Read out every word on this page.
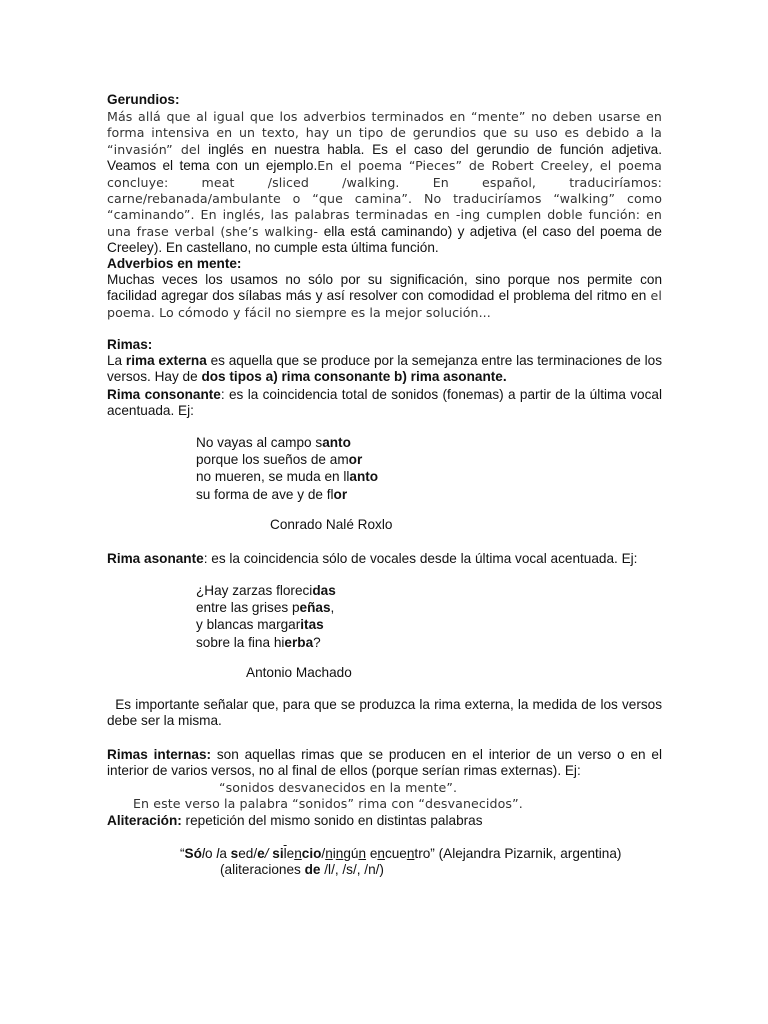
Gerundios:

Más allá que al igual que los adverbios terminados en “mente” no deben usarse en forma intensiva en un texto, hay un tipo de gerundios que su uso es debido a la “invasión” del inglés en nuestra habla. Es el caso del gerundio de función adjetiva. Veamos el tema con un ejemplo.En el poema “Pieces” de Robert Creeley, el poema concluye: meat /sliced /walking. En español, traduciríamos: carne/rebanada/ambulante o “que camina”. No traduciríamos “walking” como “caminando”. En inglés, las palabras terminadas en -ing cumplen doble función: en una frase verbal (she’s walking- ella está caminando) y adjetiva (el caso del poema de Creeley). En castellano, no cumple esta última función.

Adverbios en mente:

Muchas veces los usamos no sólo por su significación, sino porque nos permite con facilidad agregar dos sílabas más y así resolver con comodidad el problema del ritmo en el poema. Lo cómodo y fácil no siempre es la mejor solución...

Rimas:

La rima externa es aquella que se produce por la semejanza entre las terminaciones de los versos. Hay de dos tipos a) rima consonante b) rima asonante.

Rima consonante: es la coincidencia total de sonidos (fonemas) a partir de la última vocal acentuada. Ej:

No vayas al campo santo
porque los sueños de amor
no mueren, se muda en llanto
su forma de ave y de flor

Conrado Nalé Roxlo

Rima asonante: es la coincidencia sólo de vocales desde la última vocal acentuada. Ej:

¿Hay zarzas florecidas
entre las grises peñas,
y blancas margaritas
sobre la fina hierba?

Antonio Machado

Es importante señalar que, para que se produzca la rima externa, la medida de los versos debe ser la misma.

Rimas internas: son aquellas rimas que se producen en el interior de un verso o en el interior de varios versos, no al final de ellos (porque serían rimas externas). Ej:

“sonidos desvanecidos en la mente”.

En este verso la palabra “sonidos” rima con “desvanecidos”.

Aliteración: repetición del mismo sonido en distintas palabras

“Sólo la sed/e/ $si\overline{l}encio$/ningún encuentro” (Alejandra Pizarnik, argentina)

(aliteraciones de /l/, /s/, /n/)
